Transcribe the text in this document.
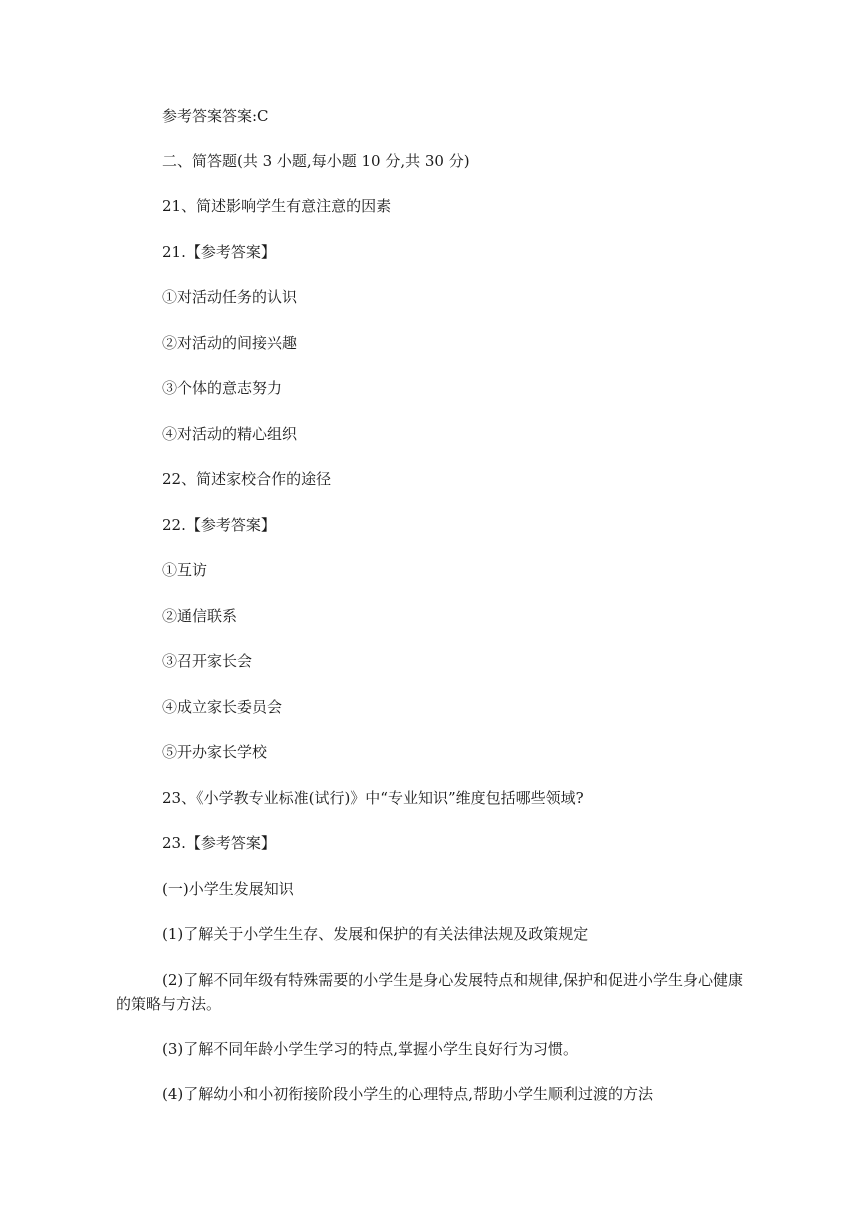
参考答案答案:C

二、简答题(共 3 小题,每小题 10 分,共 30 分)

21、简述影响学生有意注意的因素

21.【参考答案】

①对活动任务的认识

②对活动的间接兴趣

③个体的意志努力

④对活动的精心组织

22、简述家校合作的途径

22.【参考答案】

①互访

②通信联系

③召开家长会

④成立家长委员会

⑤开办家长学校

23、《小学教专业标准(试行)》中“专业知识”维度包括哪些领域?

23.【参考答案】

(一)小学生发展知识

(1)了解关于小学生生存、发展和保护的有关法律法规及政策规定

(2)了解不同年级有特殊需要的小学生是身心发展特点和规律,保护和促进小学生身心健康的策略与方法。

(3)了解不同年龄小学生学习的特点,掌握小学生良好行为习惯。

(4)了解幼小和小初衔接阶段小学生的心理特点,帮助小学生顺利过渡的方法
